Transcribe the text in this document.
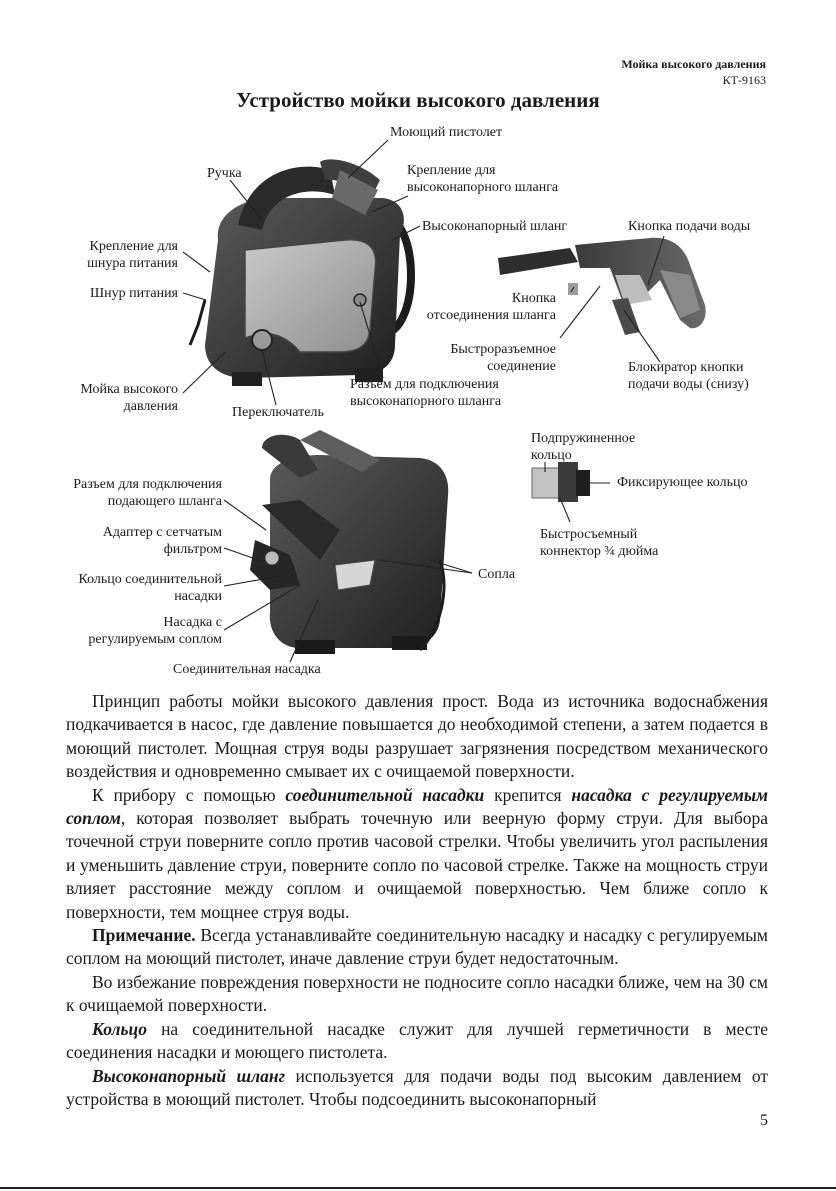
Мойка высокого давления
КТ-9163
Устройство мойки высокого давления
Моющий пистолет
Ручка	Крепление для
высоконапорного шланга
Высоконапорный шланг	Кнопка подачи воды
Крепление для
шнура питания
Шнур питания	Кнопка
отсоединения шланга
Быстроразъемное
соединение
Мойка высокого
давления
Разъем для подключения
высоконапорного шланга
Переключатель
Блокиратор кнопки
подачи воды (снизу)
Подпружиненное
кольцо
Фиксирующее кольцо
Быстросъемный
коннектор ¾ дюйма
Разъем для подключения
подающего шланга
Адаптер с сетчатым
фильтром
Кольцо соединительной
насадки
Насадка с
регулируемым соплом
Сопла
Соединительная насадка

Принцип работы мойки высокого давления прост. Вода из источника водоснабжения подкачивается в насос, где давление повышается до необходимой степени, а затем подается в моющий пистолет. Мощная струя воды разрушает загрязнения посредством механического воздействия и одновременно смывает их с очищаемой поверхности.

К прибору с помощью соединительной насадки крепится насадка с регулируемым соплом, которая позволяет выбрать точечную или веерную форму струи. Для выбора точечной струи поверните сопло против часовой стрелки. Чтобы увеличить угол распыления и уменьшить давление струи, поверните сопло по часовой стрелке. Также на мощность струи влияет расстояние между соплом и очищаемой поверхностью. Чем ближе сопло к поверхности, тем мощнее струя воды.

Примечание. Всегда устанавливайте соединительную насадку и насадку с регулируемым соплом на моющий пистолет, иначе давление струи будет недостаточным.

Во избежание повреждения поверхности не подносите сопло насадки ближе, чем на 30 см к очищаемой поверхности.

Кольцо на соединительной насадке служит для лучшей герметичности в месте соединения насадки и моющего пистолета.

Высоконапорный шланг используется для подачи воды под высоким давлением от устройства в моющий пистолет. Чтобы подсоединить высоконапорный

5
